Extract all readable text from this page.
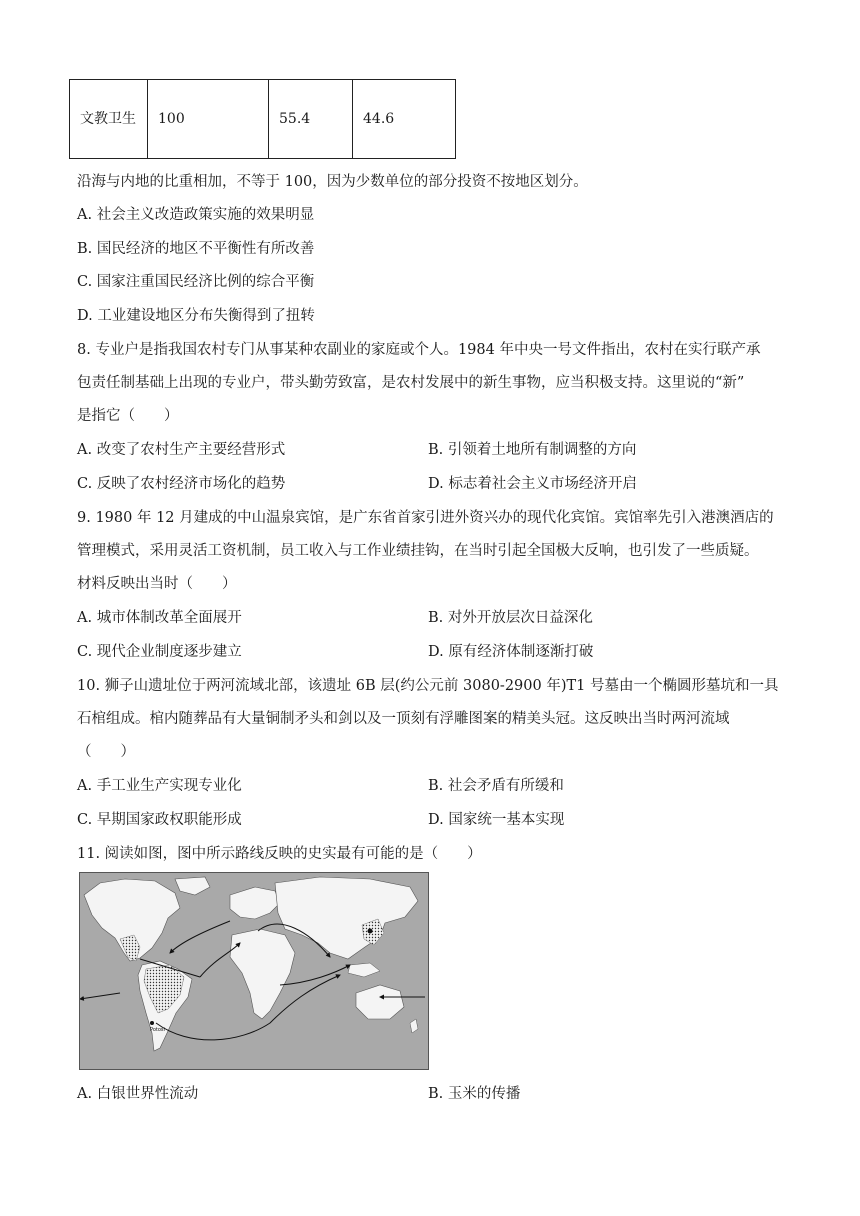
文教卫生	100	55.4	44.6
沿海与内地的比重相加，不等于 100，因为少数单位的部分投资不按地区划分。
A. 社会主义改造政策实施的效果明显
B. 国民经济的地区不平衡性有所改善
C. 国家注重国民经济比例的综合平衡
D. 工业建设地区分布失衡得到了扭转
8. 专业户是指我国农村专门从事某种农副业的家庭或个人。1984 年中央一号文件指出，农村在实行联产承
包责任制基础上出现的专业户，带头勤劳致富，是农村发展中的新生事物，应当积极支持。这里说的“新”
是指它（　　）
A. 改变了农村生产主要经营形式	B. 引领着土地所有制调整的方向
C. 反映了农村经济市场化的趋势	D. 标志着社会主义市场经济开启
9. 1980 年 12 月建成的中山温泉宾馆，是广东省首家引进外资兴办的现代化宾馆。宾馆率先引入港澳酒店的
管理模式，采用灵活工资机制，员工收入与工作业绩挂钩，在当时引起全国极大反响，也引发了一些质疑。
材料反映出当时（　　）
A. 城市体制改革全面展开	B. 对外开放层次日益深化
C. 现代企业制度逐步建立	D. 原有经济体制逐渐打破
10. 狮子山遗址位于两河流域北部，该遗址 6B 层(约公元前 3080-2900 年)T1 号墓由一个椭圆形墓坑和一具
石棺组成。棺内随葬品有大量铜制矛头和剑以及一顶刻有浮雕图案的精美头冠。这反映出当时两河流域
（　　）
A. 手工业生产实现专业化	B. 社会矛盾有所缓和
C. 早期国家政权职能形成	D. 国家统一基本实现
11. 阅读如图，图中所示路线反映的史实最有可能的是（　　）
Potosi
A. 白银世界性流动	B. 玉米的传播
